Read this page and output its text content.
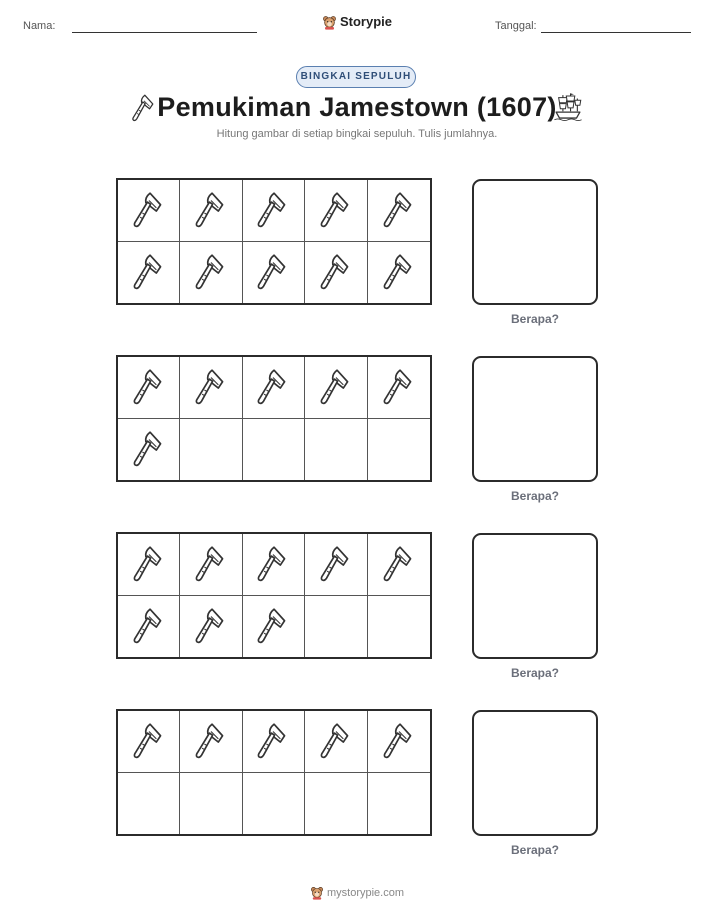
Nama:	Storypie	Tanggal:
BINGKAI SEPULUH
Pemukiman Jamestown (1607)
Hitung gambar di setiap bingkai sepuluh. Tulis jumlahnya.
Berapa?
Berapa?
Berapa?
Berapa?
mystorypie.com
